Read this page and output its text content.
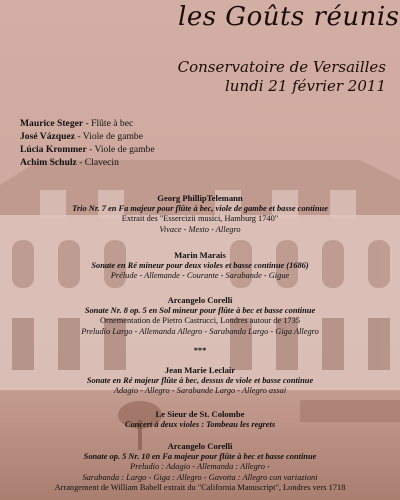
les Goûts réunis
Conservatoire de Versailles
lundi 21 février 2011
Maurice Steger - Flûte à bec
José Vázquez - Viole de gambe
Lúcia Krommer - Viole de gambe
Achim Schulz - Clavecin
Georg PhillipTelemann
Trio Nr. 7 en Fa majeur pour flûte à bec, viole de gambe et basse continue
Extrait des "Essercizii musici, Hamburg 1740"
Vivace - Mesto - Allegro
Marin Marais
Sonate en Ré mineur pour deux violes et basse continue (1686)
Prélude - Allemande - Courante - Sarabande - Gigue
Arcangelo Corelli
Sonate Nr. 8 op. 5 en Sol mineur pour flûte à bec et basse continue
Ornementation de Pietro Castrucci, Londres autour de 1735
Preludio Largo - Allemanda Allegro - Sarabanda Largo - Giga Allegro
***
Jean Marie Leclair
Sonate en Ré majeur flûte à bec, dessus de viole et basse continue
Adagio - Allegro - Sarabande Largo - Allegro assai
Le Sieur de St. Colombe
Concert à deux violes : Tombeau les regrets
Arcangelo Corelli
Sonate op. 5 Nr. 10 en Fa majeur pour flûte à bec et basse continue
Preludio : Adagio - Allemanda : Allegro -
Sarabanda : Largo - Giga : Allegro - Gavotta : Allegro con variazioni
Arrangement de William Babell extrait du "California Manuscript", Londres vers 1718
